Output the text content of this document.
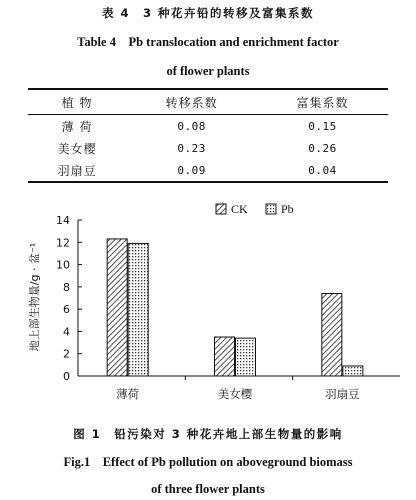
表 4　3 种花卉铅的转移及富集系数
Table 4　Pb translocation and enrichment factor
of flower plants
植 物	转移系数	富集系数
薄 荷	0.08	0.15
美女樱	0.23	0.26
羽扇豆	0.09	0.04
0
2
4
6
8
10
12
14
薄荷	美女樱	羽扇豆
CK	Pb
地上部生物量/g · 盆⁻¹
图 1　铅污染对 3 种花卉地上部生物量的影响
Fig.1　Effect of Pb pollution on aboveground biomass
of three flower plants
